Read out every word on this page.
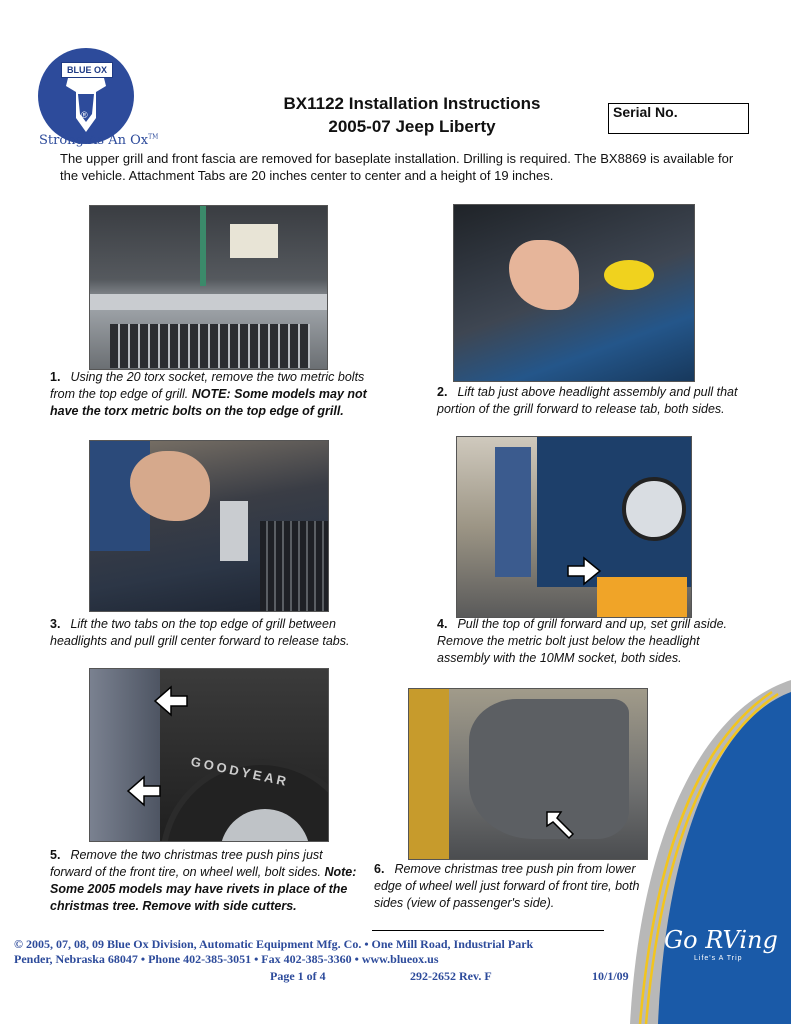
BLUE OX
®
Strong As An Ox™
BX1122 Installation Instructions
2005-07 Jeep Liberty
Serial No.
The upper grill and front fascia are removed for baseplate installation. Drilling is required. The BX8869 is available for the vehicle. Attachment Tabs are 20 inches center to center and a height of 19 inches.
GOODYEAR
1. Using the 20 torx socket, remove the two metric bolts from the top edge of grill. NOTE: Some models may not have the torx metric bolts on the top edge of grill.
2. Lift tab just above headlight assembly and pull that portion of the grill forward to release tab, both sides.
3. Lift the two tabs on the top edge of grill between headlights and pull grill center forward to release tabs.
4. Pull the top of grill forward and up, set grill aside. Remove the metric bolt just below the headlight assembly with the 10MM socket, both sides.
5. Remove the two christmas tree push pins just forward of the front tire, on wheel well, bolt sides. Note: Some 2005 models may have rivets in place of the christmas tree. Remove with side cutters.
6. Remove christmas tree push pin from lower edge of wheel well just forward of front tire, both sides (view of passenger's side).
Go RVing
Life's A Trip
© 2005, 07, 08, 09 Blue Ox Division, Automatic Equipment Mfg. Co. • One Mill Road, Industrial Park
Pender, Nebraska 68047 • Phone 402-385-3051 • Fax 402-385-3360 • www.blueox.us
Page 1 of 4	292-2652 Rev. F	10/1/09
